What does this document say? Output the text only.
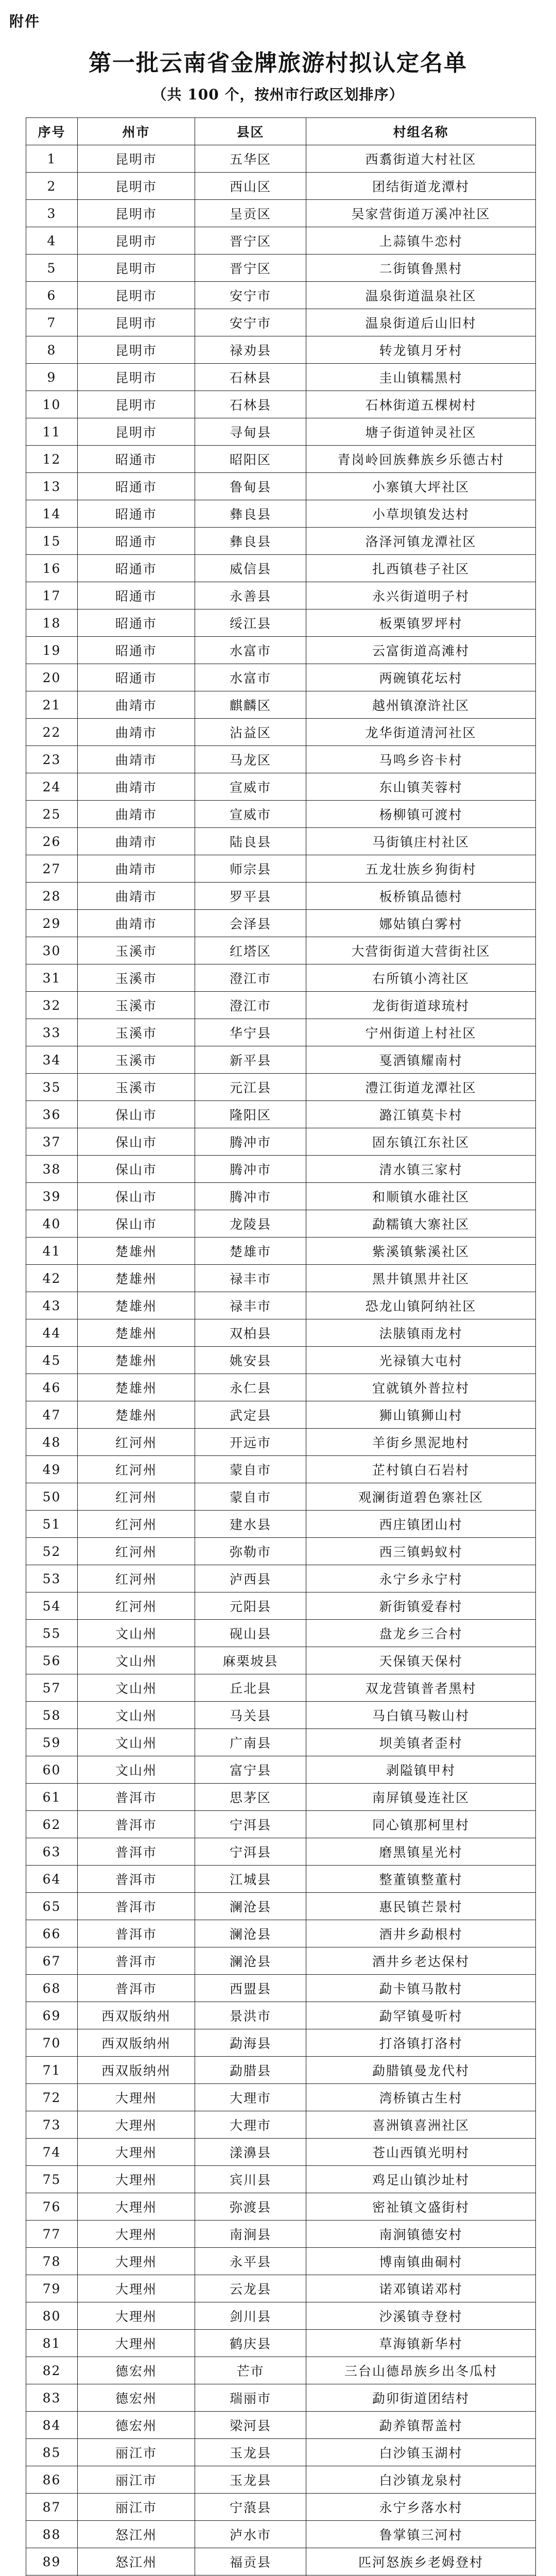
附件
第一批云南省金牌旅游村拟认定名单
（共 100 个，按州市行政区划排序）
序号	州市	县区	村组名称
1	昆明市	五华区	西翥街道大村社区
2	昆明市	西山区	团结街道龙潭村
3	昆明市	呈贡区	吴家营街道万溪冲社区
4	昆明市	晋宁区	上蒜镇牛恋村
5	昆明市	晋宁区	二街镇鲁黑村
6	昆明市	安宁市	温泉街道温泉社区
7	昆明市	安宁市	温泉街道后山旧村
8	昆明市	禄劝县	转龙镇月牙村
9	昆明市	石林县	圭山镇糯黑村
10	昆明市	石林县	石林街道五棵树村
11	昆明市	寻甸县	塘子街道钟灵社区
12	昭通市	昭阳区	青岗岭回族彝族乡乐德古村
13	昭通市	鲁甸县	小寨镇大坪社区
14	昭通市	彝良县	小草坝镇发达村
15	昭通市	彝良县	洛泽河镇龙潭社区
16	昭通市	威信县	扎西镇巷子社区
17	昭通市	永善县	永兴街道明子村
18	昭通市	绥江县	板栗镇罗坪村
19	昭通市	水富市	云富街道高滩村
20	昭通市	水富市	两碗镇花坛村
21	曲靖市	麒麟区	越州镇潦浒社区
22	曲靖市	沾益区	龙华街道清河社区
23	曲靖市	马龙区	马鸣乡咨卡村
24	曲靖市	宣威市	东山镇芙蓉村
25	曲靖市	宣威市	杨柳镇可渡村
26	曲靖市	陆良县	马街镇庄村社区
27	曲靖市	师宗县	五龙壮族乡狗街村
28	曲靖市	罗平县	板桥镇品德村
29	曲靖市	会泽县	娜姑镇白雾村
30	玉溪市	红塔区	大营街街道大营街社区
31	玉溪市	澄江市	右所镇小湾社区
32	玉溪市	澄江市	龙街街道球琉村
33	玉溪市	华宁县	宁州街道上村社区
34	玉溪市	新平县	戛洒镇耀南村
35	玉溪市	元江县	澧江街道龙潭社区
36	保山市	隆阳区	潞江镇莫卡村
37	保山市	腾冲市	固东镇江东社区
38	保山市	腾冲市	清水镇三家村
39	保山市	腾冲市	和顺镇水碓社区
40	保山市	龙陵县	勐糯镇大寨社区
41	楚雄州	楚雄市	紫溪镇紫溪社区
42	楚雄州	禄丰市	黑井镇黑井社区
43	楚雄州	禄丰市	恐龙山镇阿纳社区
44	楚雄州	双柏县	法脿镇雨龙村
45	楚雄州	姚安县	光禄镇大屯村
46	楚雄州	永仁县	宜就镇外普拉村
47	楚雄州	武定县	狮山镇狮山村
48	红河州	开远市	羊街乡黑泥地村
49	红河州	蒙自市	芷村镇白石岩村
50	红河州	蒙自市	观澜街道碧色寨社区
51	红河州	建水县	西庄镇团山村
52	红河州	弥勒市	西三镇蚂蚁村
53	红河州	泸西县	永宁乡永宁村
54	红河州	元阳县	新街镇爱春村
55	文山州	砚山县	盘龙乡三合村
56	文山州	麻栗坡县	天保镇天保村
57	文山州	丘北县	双龙营镇普者黑村
58	文山州	马关县	马白镇马鞍山村
59	文山州	广南县	坝美镇者歪村
60	文山州	富宁县	剥隘镇甲村
61	普洱市	思茅区	南屏镇曼连社区
62	普洱市	宁洱县	同心镇那柯里村
63	普洱市	宁洱县	磨黑镇星光村
64	普洱市	江城县	整董镇整董村
65	普洱市	澜沧县	惠民镇芒景村
66	普洱市	澜沧县	酒井乡勐根村
67	普洱市	澜沧县	酒井乡老达保村
68	普洱市	西盟县	勐卡镇马散村
69	西双版纳州	景洪市	勐罕镇曼听村
70	西双版纳州	勐海县	打洛镇打洛村
71	西双版纳州	勐腊县	勐腊镇曼龙代村
72	大理州	大理市	湾桥镇古生村
73	大理州	大理市	喜洲镇喜洲社区
74	大理州	漾濞县	苍山西镇光明村
75	大理州	宾川县	鸡足山镇沙址村
76	大理州	弥渡县	密祉镇文盛街村
77	大理州	南涧县	南涧镇德安村
78	大理州	永平县	博南镇曲硐村
79	大理州	云龙县	诺邓镇诺邓村
80	大理州	剑川县	沙溪镇寺登村
81	大理州	鹤庆县	草海镇新华村
82	德宏州	芒市	三台山德昂族乡出冬瓜村
83	德宏州	瑞丽市	勐卯街道团结村
84	德宏州	梁河县	勐养镇帮盖村
85	丽江市	玉龙县	白沙镇玉湖村
86	丽江市	玉龙县	白沙镇龙泉村
87	丽江市	宁蒗县	永宁乡落水村
88	怒江州	泸水市	鲁掌镇三河村
89	怒江州	福贡县	匹河怒族乡老姆登村
